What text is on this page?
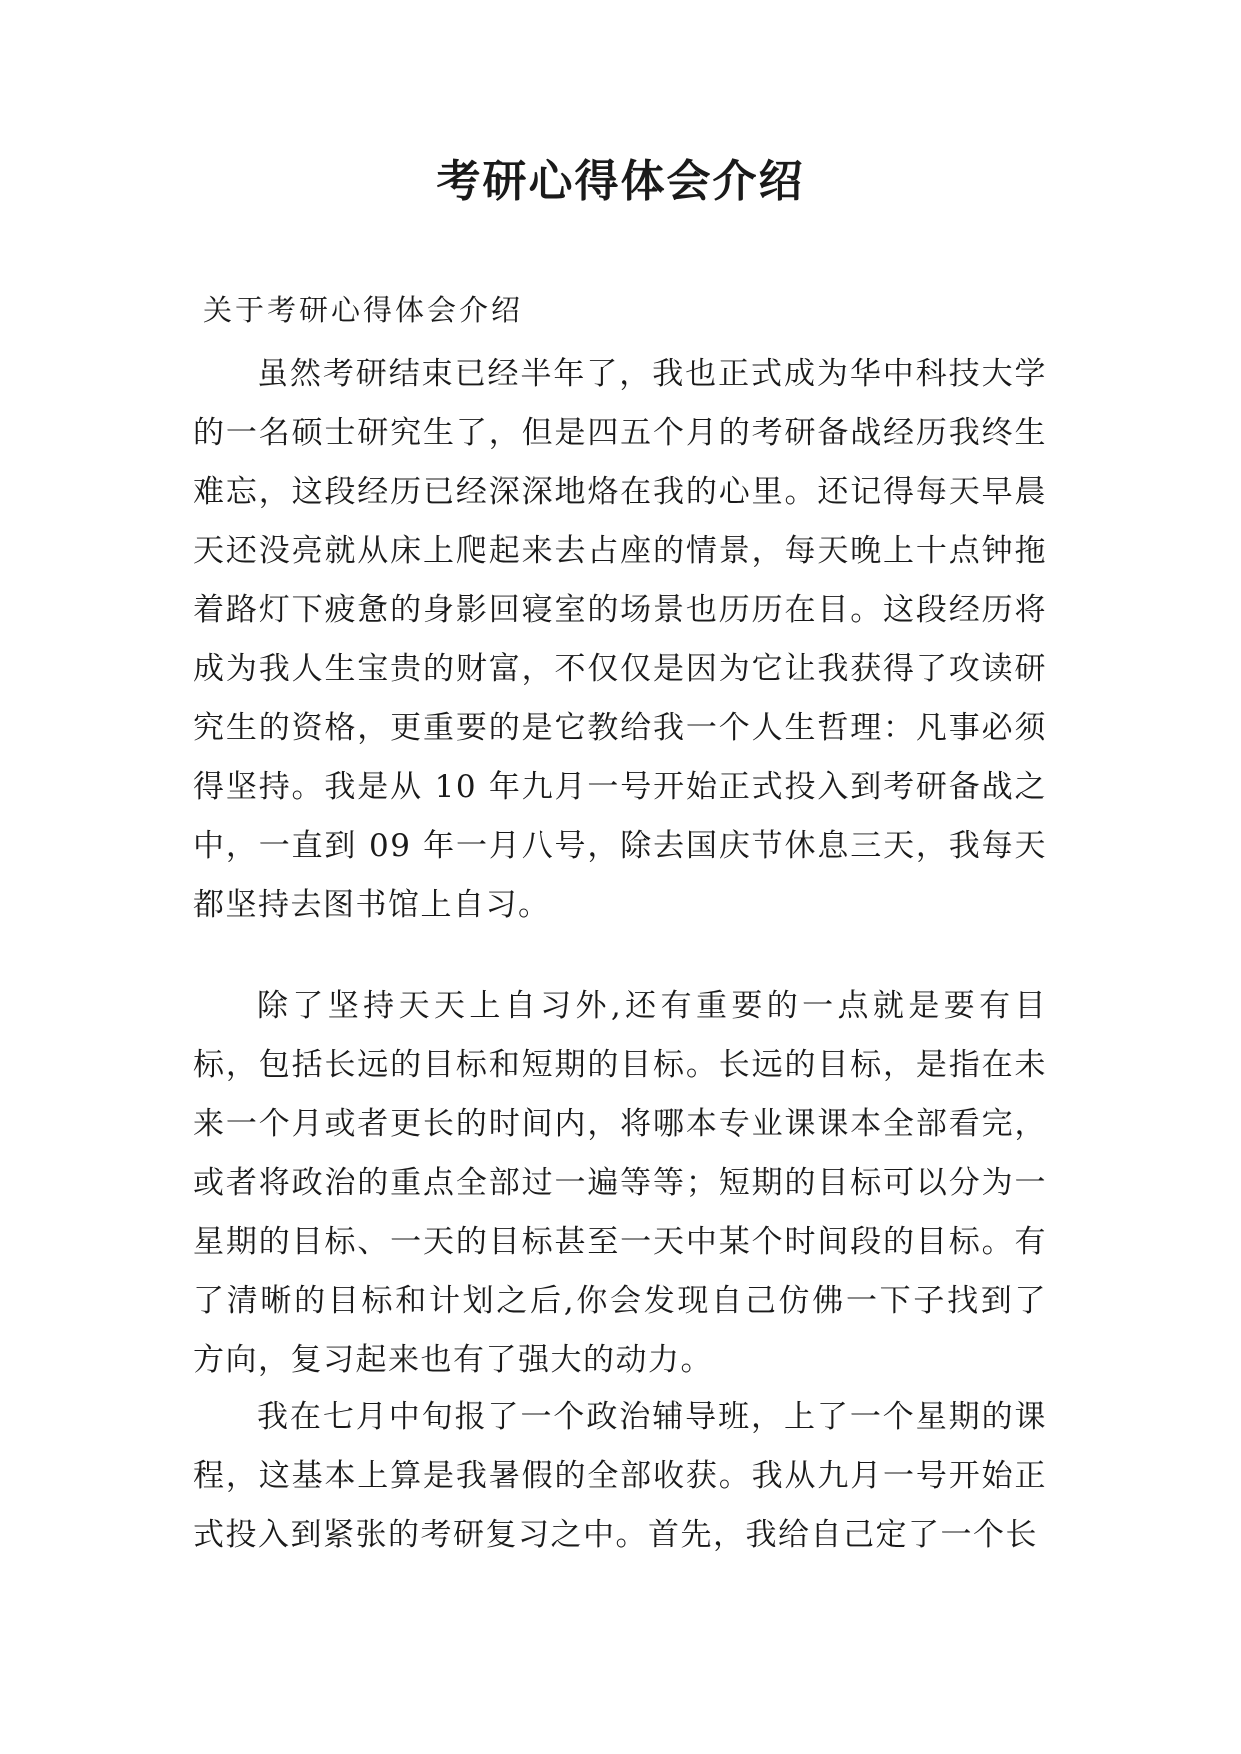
考研心得体会介绍

关于考研心得体会介绍

虽然考研结束已经半年了，我也正式成为华中科技大学的一名硕士研究生了，但是四五个月的考研备战经历我终生难忘，这段经历已经深深地烙在我的心里。还记得每天早晨天还没亮就从床上爬起来去占座的情景，每天晚上十点钟拖着路灯下疲惫的身影回寝室的场景也历历在目。这段经历将成为我人生宝贵的财富，不仅仅是因为它让我获得了攻读研究生的资格，更重要的是它教给我一个人生哲理：凡事必须得坚持。我是从 10 年九月一号开始正式投入到考研备战之中，一直到 09 年一月八号，除去国庆节休息三天，我每天都坚持去图书馆上自习。

除了坚持天天上自习外,还有重要的一点就是要有目标，包括长远的目标和短期的目标。长远的目标，是指在未来一个月或者更长的时间内，将哪本专业课课本全部看完，或者将政治的重点全部过一遍等等；短期的目标可以分为一星期的目标、一天的目标甚至一天中某个时间段的目标。有了清晰的目标和计划之后,你会发现自己仿佛一下子找到了方向，复习起来也有了强大的动力。

我在七月中旬报了一个政治辅导班，上了一个星期的课程，这基本上算是我暑假的全部收获。我从九月一号开始正式投入到紧张的考研复习之中。首先，我给自己定了一个长
